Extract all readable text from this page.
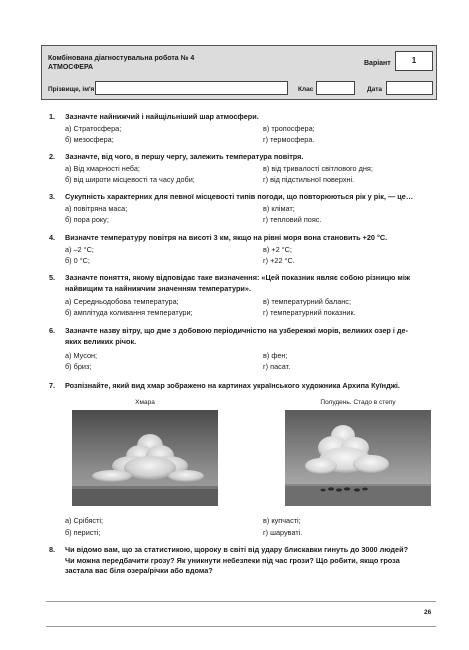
Комбінована діагностувальна робота № 4
АТМОСФЕРА
Варіант	1
Прізвище, ім'я	Клас	Дата
1. Зазначте найнижчий і найщільніший шар атмосфери.
а) Стратосфера;	в) тропосфера;
б) мезосфера;	г) термосфера.
2. Зазначте, від чого, в першу чергу, залежить температура повітря.
а) Від хмарності неба;	в) від тривалості світлового дня;
б) від широти місцевості та часу доби;	г) від підстильної поверхні.
3. Сукупність характерних для певної місцевості типів погоди, що повторюються рік у рік, — це…
а) повітряна маса;	в) клімат;
б) пора року;	г) тепловий пояс.
4. Визначте температуру повітря на висоті 3 км, якщо на рівні моря вона становить +20 °С.
а) –2 °С;	в) +2 °С;
б) 0 °С;	г) +22 °С.
5. Зазначте поняття, якому відповідає таке визначення: «Цей показник являє собою різницю між
найвищим та найнижчим значенням температури».
а) Середньодобова температура;	в) температурний баланс;
б) амплітуда коливання температури;	г) температурний показник.
6. Зазначте назву вітру, що дме з добовою періодичністю на узбережжі морів, великих озер і де-
яких великих річок.
а) Мусон;	в) фен;
б) бриз;	г) пасат.
7. Розпізнайте, який вид хмар зображено на картинах українського художника Архипа Куїнджі.
Хмара	Полудень. Стадо в степу
а) Срібясті;	в) купчасті;
б) перисті;	г) шаруваті.
8. Чи відомо вам, що за статистикою, щороку в світі від удару блискавки гинуть до 3000 людей?
Чи можна передбачити грозу? Як уникнути небезпеки під час грози? Що робити, якщо гроза
застала вас біля озера/річки або вдома?
26
